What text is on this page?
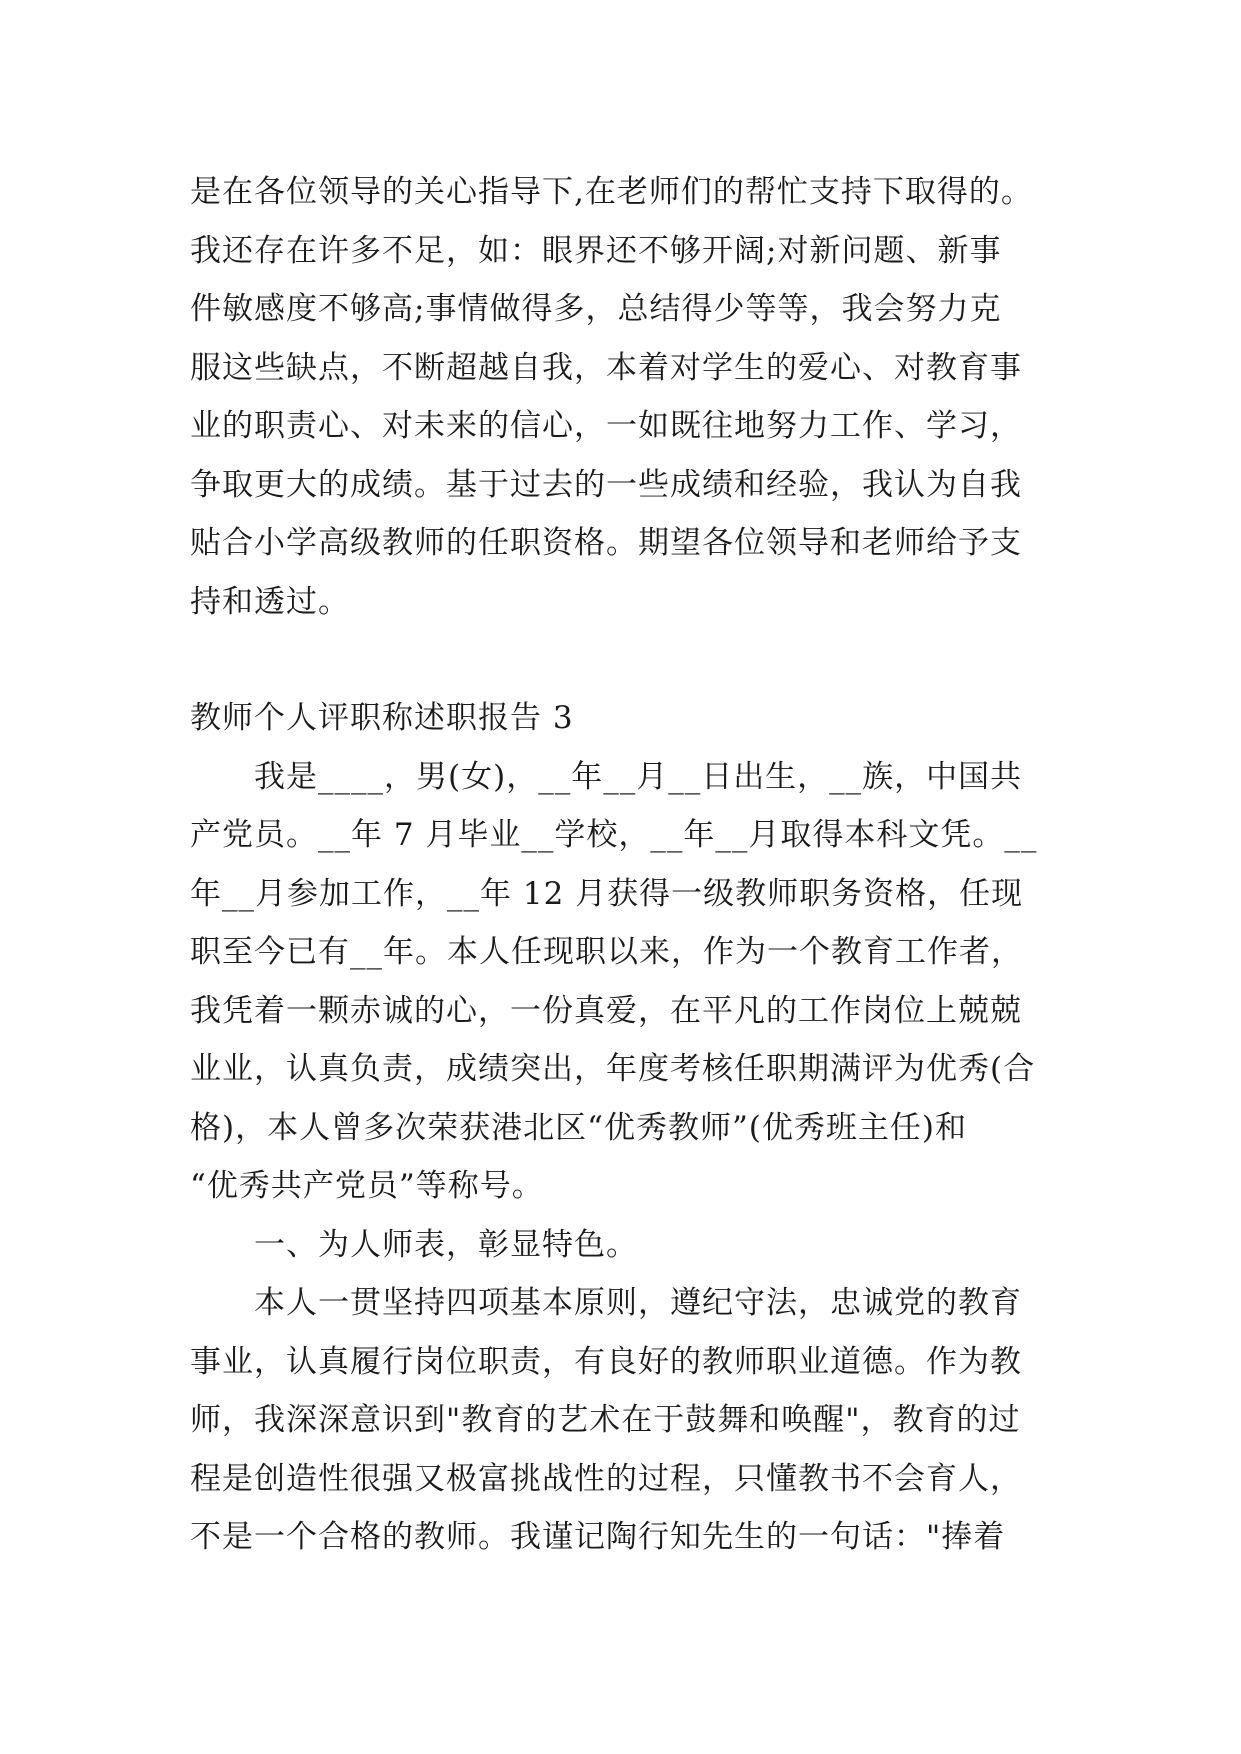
是在各位领导的关心指导下,在老师们的帮忙支持下取得的。
我还存在许多不足，如：眼界还不够开阔;对新问题、新事
件敏感度不够高;事情做得多，总结得少等等，我会努力克
服这些缺点，不断超越自我，本着对学生的爱心、对教育事
业的职责心、对未来的信心，一如既往地努力工作、学习，
争取更大的成绩。基于过去的一些成绩和经验，我认为自我
贴合小学高级教师的任职资格。期望各位领导和老师给予支
持和透过。
教师个人评职称述职报告 3
我是____，男(女)，__年__月__日出生，__族，中国共
产党员。__年 7 月毕业__学校，__年__月取得本科文凭。__
年__月参加工作，__年 12 月获得一级教师职务资格，任现
职至今已有__年。本人任现职以来，作为一个教育工作者，
我凭着一颗赤诚的心，一份真爱，在平凡的工作岗位上兢兢
业业，认真负责，成绩突出，年度考核任职期满评为优秀(合
格)，本人曾多次荣获港北区“优秀教师”(优秀班主任)和
“优秀共产党员”等称号。
一、为人师表，彰显特色。
本人一贯坚持四项基本原则，遵纪守法，忠诚党的教育
事业，认真履行岗位职责，有良好的教师职业道德。作为教
师，我深深意识到"教育的艺术在于鼓舞和唤醒"，教育的过
程是创造性很强又极富挑战性的过程，只懂教书不会育人，
不是一个合格的教师。我谨记陶行知先生的一句话："捧着
